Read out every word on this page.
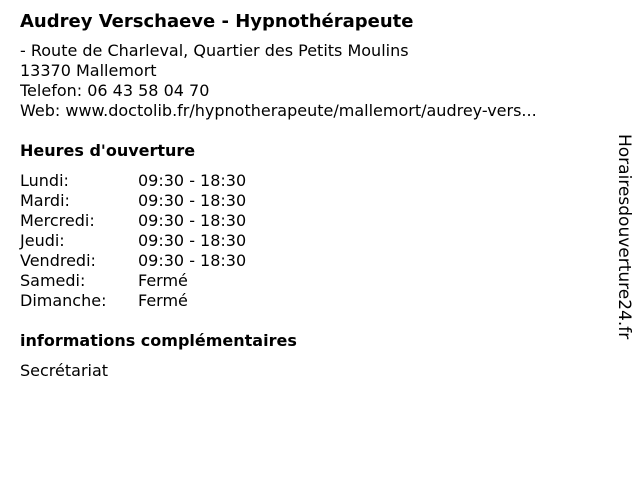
Audrey Verschaeve - Hypnothérapeute
- Route de Charleval, Quartier des Petits Moulins
13370 Mallemort
Telefon: 06 43 58 04 70
Web: www.doctolib.fr/hypnotherapeute/mallemort/audrey-vers...
Heures d'ouverture
Lundi:	09:30 - 18:30
Mardi:	09:30 - 18:30
Mercredi:	09:30 - 18:30
Jeudi:	09:30 - 18:30
Vendredi:	09:30 - 18:30
Samedi:	Fermé
Dimanche:	Fermé
informations complémentaires
Secrétariat
Horairesdouverture24.fr
